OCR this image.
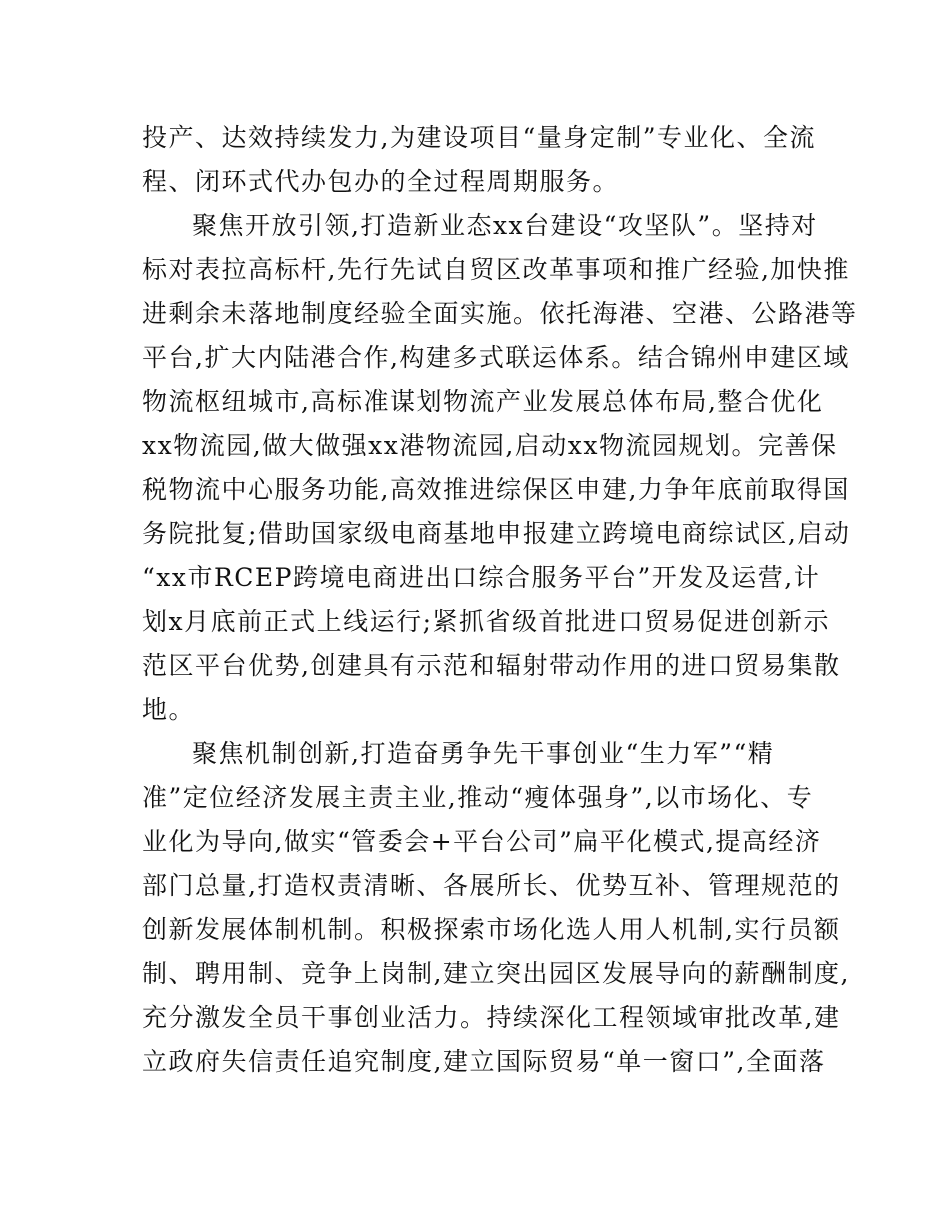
投产、达效持续发力,为建设项目“量身定制”专业化、全流
程、闭环式代办包办的全过程周期服务。
聚焦开放引领,打造新业态xx台建设“攻坚队”。坚持对
标对表拉高标杆,先行先试自贸区改革事项和推广经验,加快推
进剩余未落地制度经验全面实施。依托海港、空港、公路港等
平台,扩大内陆港合作,构建多式联运体系。结合锦州申建区域
物流枢纽城市,高标准谋划物流产业发展总体布局,整合优化
xx物流园,做大做强xx港物流园,启动xx物流园规划。完善保
税物流中心服务功能,高效推进综保区申建,力争年底前取得国
务院批复;借助国家级电商基地申报建立跨境电商综试区,启动
“xx市RCEP跨境电商进出口综合服务平台”开发及运营,计
划x月底前正式上线运行;紧抓省级首批进口贸易促进创新示
范区平台优势,创建具有示范和辐射带动作用的进口贸易集散
地。
聚焦机制创新,打造奋勇争先干事创业“生力军”“精
准”定位经济发展主责主业,推动“瘦体强身”,以市场化、专
业化为导向,做实“管委会+平台公司”扁平化模式,提高经济
部门总量,打造权责清晰、各展所长、优势互补、管理规范的
创新发展体制机制。积极探索市场化选人用人机制,实行员额
制、聘用制、竞争上岗制,建立突出园区发展导向的薪酬制度,
充分激发全员干事创业活力。持续深化工程领域审批改革,建
立政府失信责任追究制度,建立国际贸易“单一窗口”,全面落
